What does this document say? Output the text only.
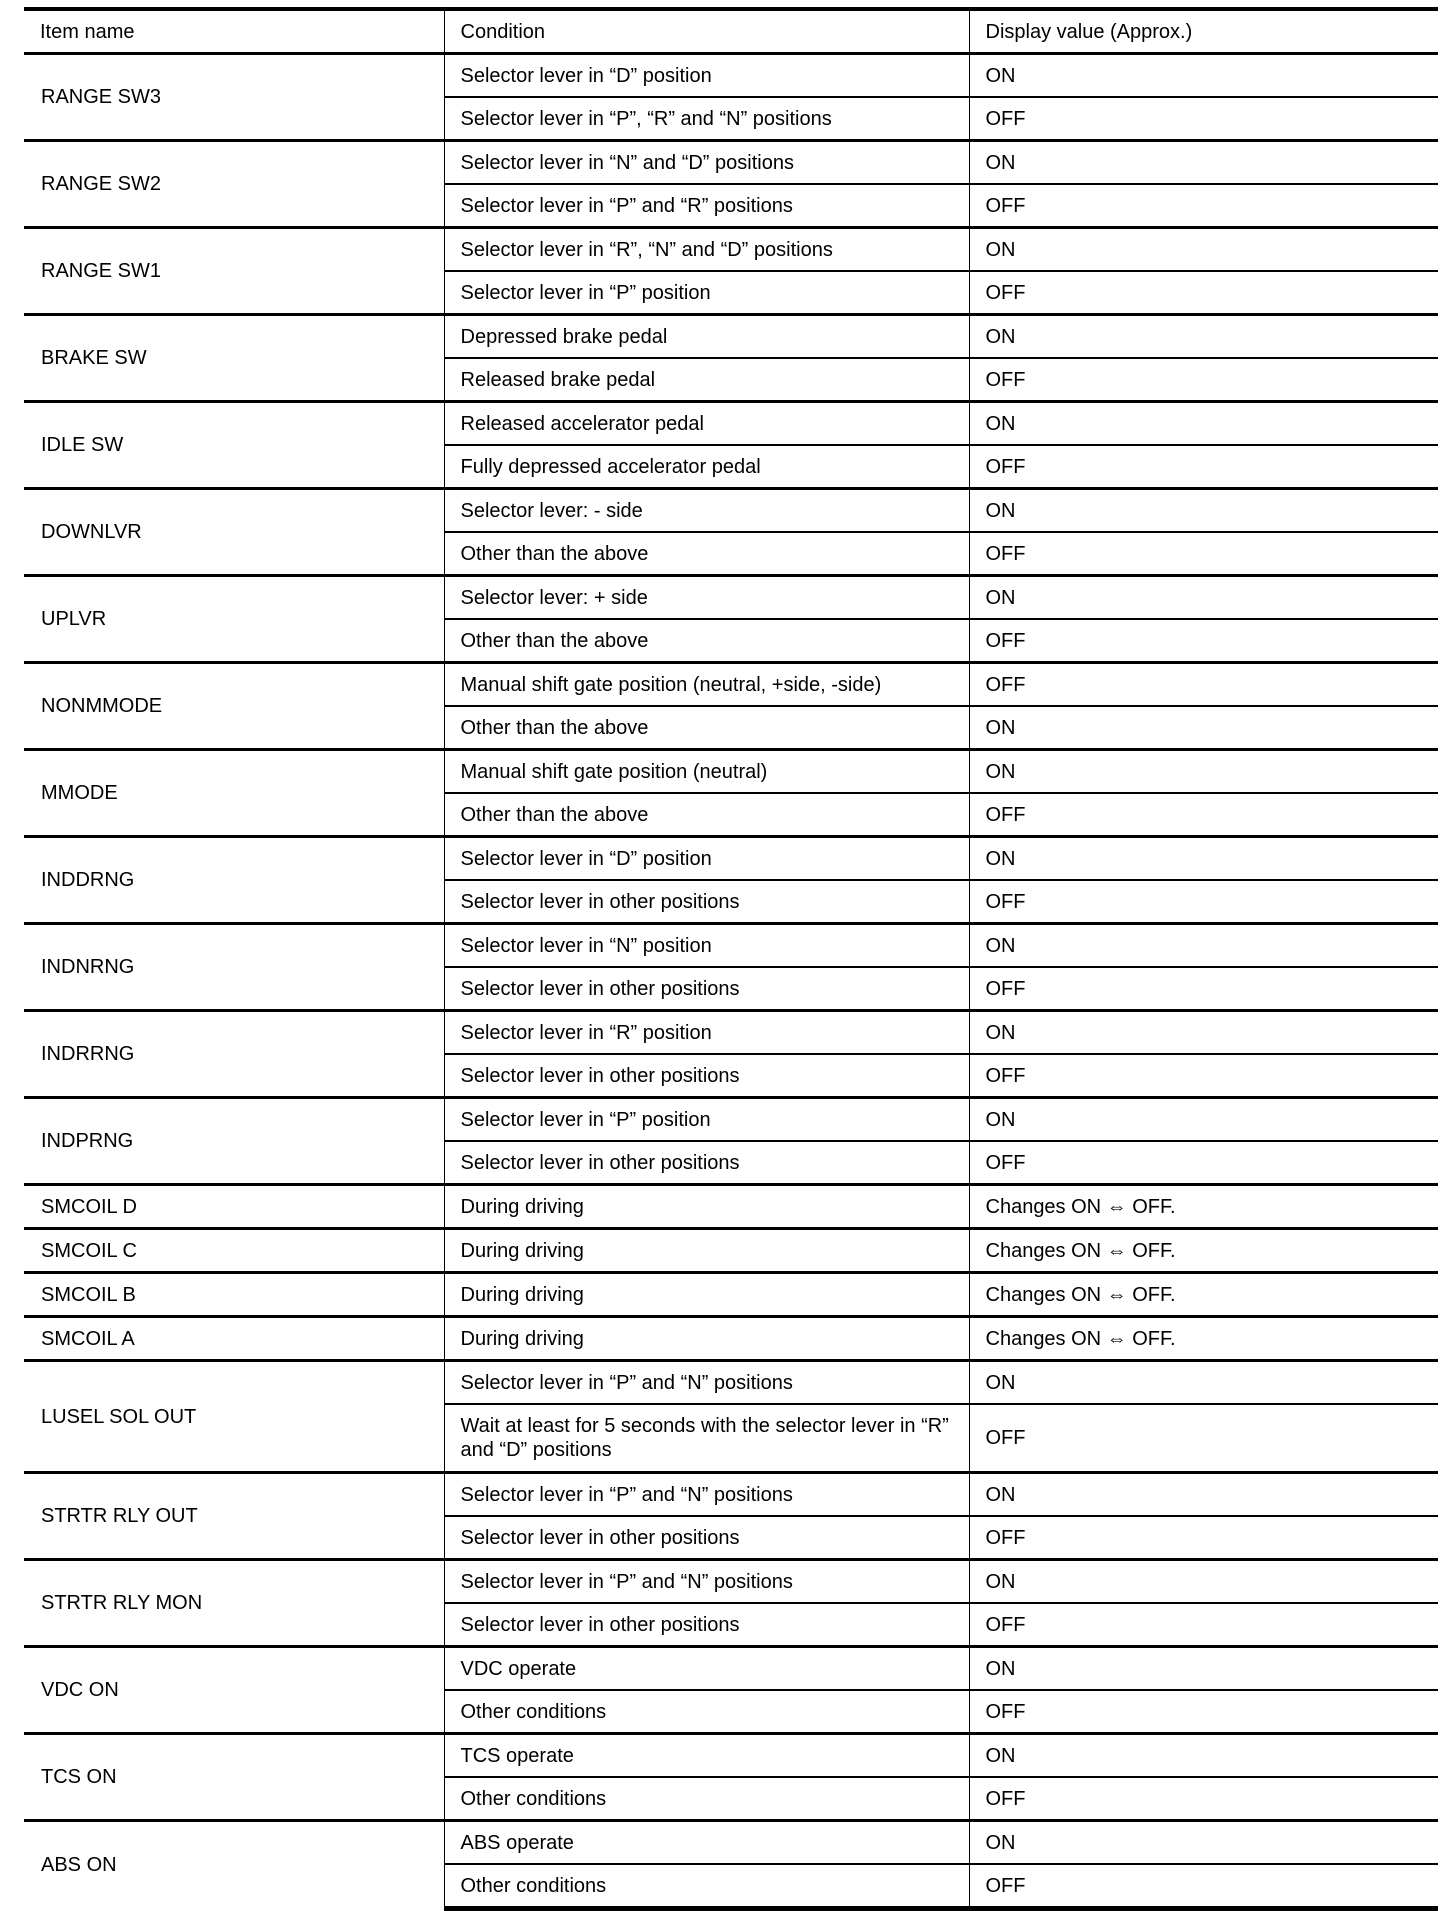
Item name	Condition	Display value (Approx.)
RANGE SW3	Selector lever in “D” position	ON
	Selector lever in “P”, “R” and “N” positions	OFF
RANGE SW2	Selector lever in “N” and “D” positions	ON
	Selector lever in “P” and “R” positions	OFF
RANGE SW1	Selector lever in “R”, “N” and “D” positions	ON
	Selector lever in “P” position	OFF
BRAKE SW	Depressed brake pedal	ON
	Released brake pedal	OFF
IDLE SW	Released accelerator pedal	ON
	Fully depressed accelerator pedal	OFF
DOWNLVR	Selector lever: - side	ON
	Other than the above	OFF
UPLVR	Selector lever: + side	ON
	Other than the above	OFF
NONMMODE	Manual shift gate position (neutral, +side, -side)	OFF
	Other than the above	ON
MMODE	Manual shift gate position (neutral)	ON
	Other than the above	OFF
INDDRNG	Selector lever in “D” position	ON
	Selector lever in other positions	OFF
INDNRNG	Selector lever in “N” position	ON
	Selector lever in other positions	OFF
INDRRNG	Selector lever in “R” position	ON
	Selector lever in other positions	OFF
INDPRNG	Selector lever in “P” position	ON
	Selector lever in other positions	OFF
SMCOIL D	During driving	Changes ON ⇔ OFF.
SMCOIL C	During driving	Changes ON ⇔ OFF.
SMCOIL B	During driving	Changes ON ⇔ OFF.
SMCOIL A	During driving	Changes ON ⇔ OFF.
LUSEL SOL OUT	Selector lever in “P” and “N” positions	ON
	Wait at least for 5 seconds with the selector lever in “R” and “D” positions	OFF
STRTR RLY OUT	Selector lever in “P” and “N” positions	ON
	Selector lever in other positions	OFF
STRTR RLY MON	Selector lever in “P” and “N” positions	ON
	Selector lever in other positions	OFF
VDC ON	VDC operate	ON
	Other conditions	OFF
TCS ON	TCS operate	ON
	Other conditions	OFF
ABS ON	ABS operate	ON
	Other conditions	OFF
